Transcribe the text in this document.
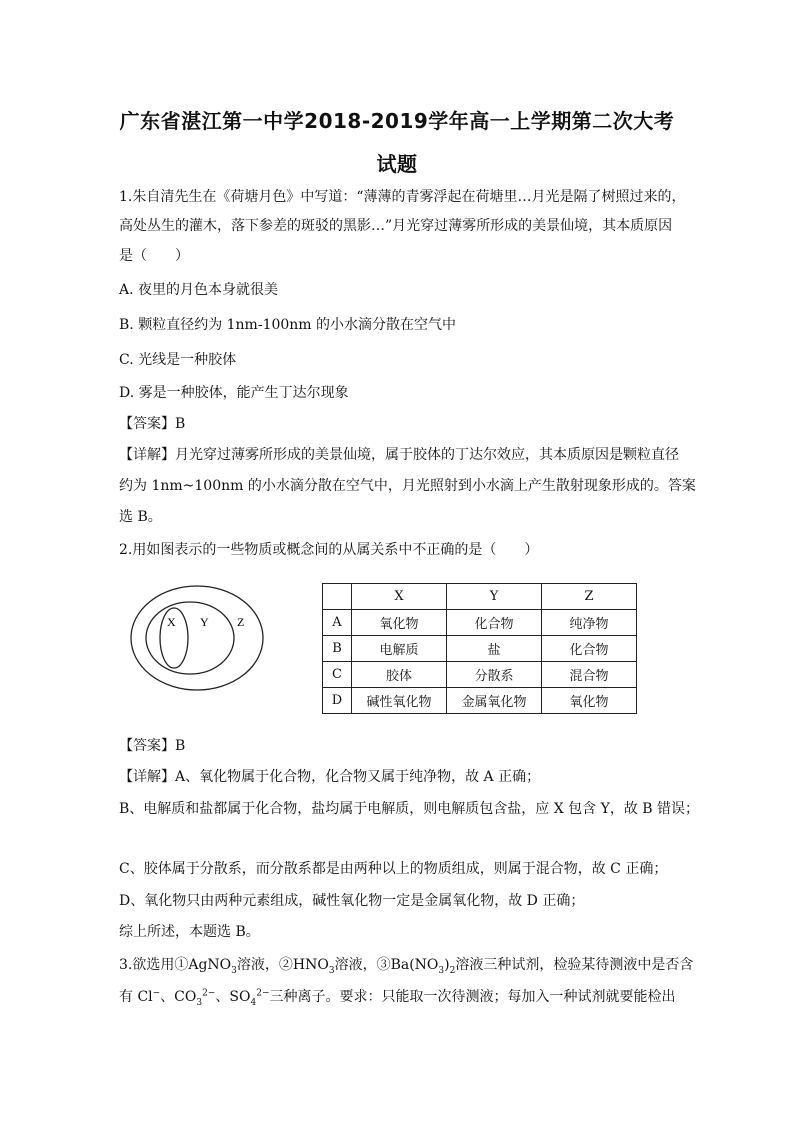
广东省湛江第一中学2018-2019学年高一上学期第二次大考
试题
1.朱自清先生在《荷塘月色》中写道：“薄薄的青雾浮起在荷塘里…月光是隔了树照过来的，
高处丛生的灌木，落下参差的斑驳的黑影…”月光穿过薄雾所形成的美景仙境，其本质原因
是（　　）
A. 夜里的月色本身就很美
B. 颗粒直径约为 1nm-100nm 的小水滴分散在空气中
C. 光线是一种胶体
D. 雾是一种胶体，能产生丁达尔现象
【答案】B
【详解】月光穿过薄雾所形成的美景仙境，属于胶体的丁达尔效应，其本质原因是颗粒直径
约为 1nm~100nm 的小水滴分散在空气中，月光照射到小水滴上产生散射现象形成的。答案
选 B。
2.用如图表示的一些物质或概念间的从属关系中不正确的是（　　）
X Y Z
	X	Y	Z
A	氧化物	化合物	纯净物
B	电解质	盐	化合物
C	胶体	分散系	混合物
D	碱性氧化物	金属氧化物	氧化物
【答案】B
【详解】A、氧化物属于化合物，化合物又属于纯净物，故 A 正确；
B、电解质和盐都属于化合物，盐均属于电解质，则电解质包含盐，应 X 包含 Y，故 B 错误；
C、胶体属于分散系，而分散系都是由两种以上的物质组成，则属于混合物，故 C 正确；
D、氧化物只由两种元素组成，碱性氧化物一定是金属氧化物，故 D 正确；
综上所述，本题选 B。
3.欲选用①AgNO$_3$溶液，$②HNO_3$溶液，$③Ba(NO_3)_2$溶液三种试剂，检验某待测液中是否含
有 Cl−、$CO_3^{2-}$、$SO_4^{2-}$三种离子。要求：只能取一次待测液；每加入一种试剂就要能检出
